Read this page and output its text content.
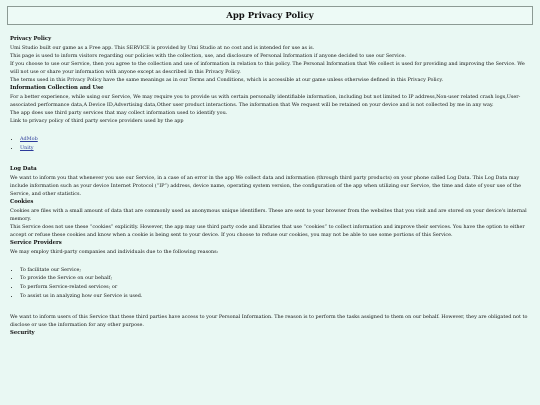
App Privacy Policy
Privacy Policy

Umi Studio built our game as a Free app. This SERVICE is provided by Umi Studio at no cost and is intended for use as is.

This page is used to inform visitors regarding our policies with the collection, use, and disclosure of Personal Information if anyone decided to use our Service.

If you choose to use our Service, then you agree to the collection and use of information in relation to this policy. The Personal Information that We collect is used for providing and improving the Service. We will not use or share your information with anyone except as described in this Privacy Policy.

The terms used in this Privacy Policy have the same meanings as in our Terms and Conditions, which is accessible at our game unless otherwise defined in this Privacy Policy.

Information Collection and Use

For a better experience, while using our Service, We may require you to provide us with certain personally identifiable information, including but not limited to IP address,Non-user related crash logs,User-associated performance data,A Device ID,Advertising data,Other user product interactions. The information that We request will be retained on your device and is not collected by me in any way.

The app does use third party services that may collect information used to identify you.

Link to privacy policy of third party service providers used by the app

• AdMob
• Unity
Log Data

We want to inform you that whenever you use our Service, in a case of an error in the app We collect data and information (through third party products) on your phone called Log Data. This Log Data may include information such as your device Internet Protocol (“IP”) address, device name, operating system version, the configuration of the app when utilizing our Service, the time and date of your use of the Service, and other statistics.

Cookies

Cookies are files with a small amount of data that are commonly used as anonymous unique identifiers. These are sent to your browser from the websites that you visit and are stored on your device's internal memory.

This Service does not use these “cookies” explicitly. However, the app may use third party code and libraries that use “cookies” to collect information and improve their services. You have the option to either accept or refuse these cookies and know when a cookie is being sent to your device. If you choose to refuse our cookies, you may not be able to use some portions of this Service.

Service Providers

We may employ third-party companies and individuals due to the following reasons:

• To facilitate our Service;
• To provide the Service on our behalf;
• To perform Service-related services; or
• To assist us in analyzing how our Service is used.

We want to inform users of this Service that these third parties have access to your Personal Information. The reason is to perform the tasks assigned to them on our behalf. However, they are obligated not to disclose or use the information for any other purpose.

Security
